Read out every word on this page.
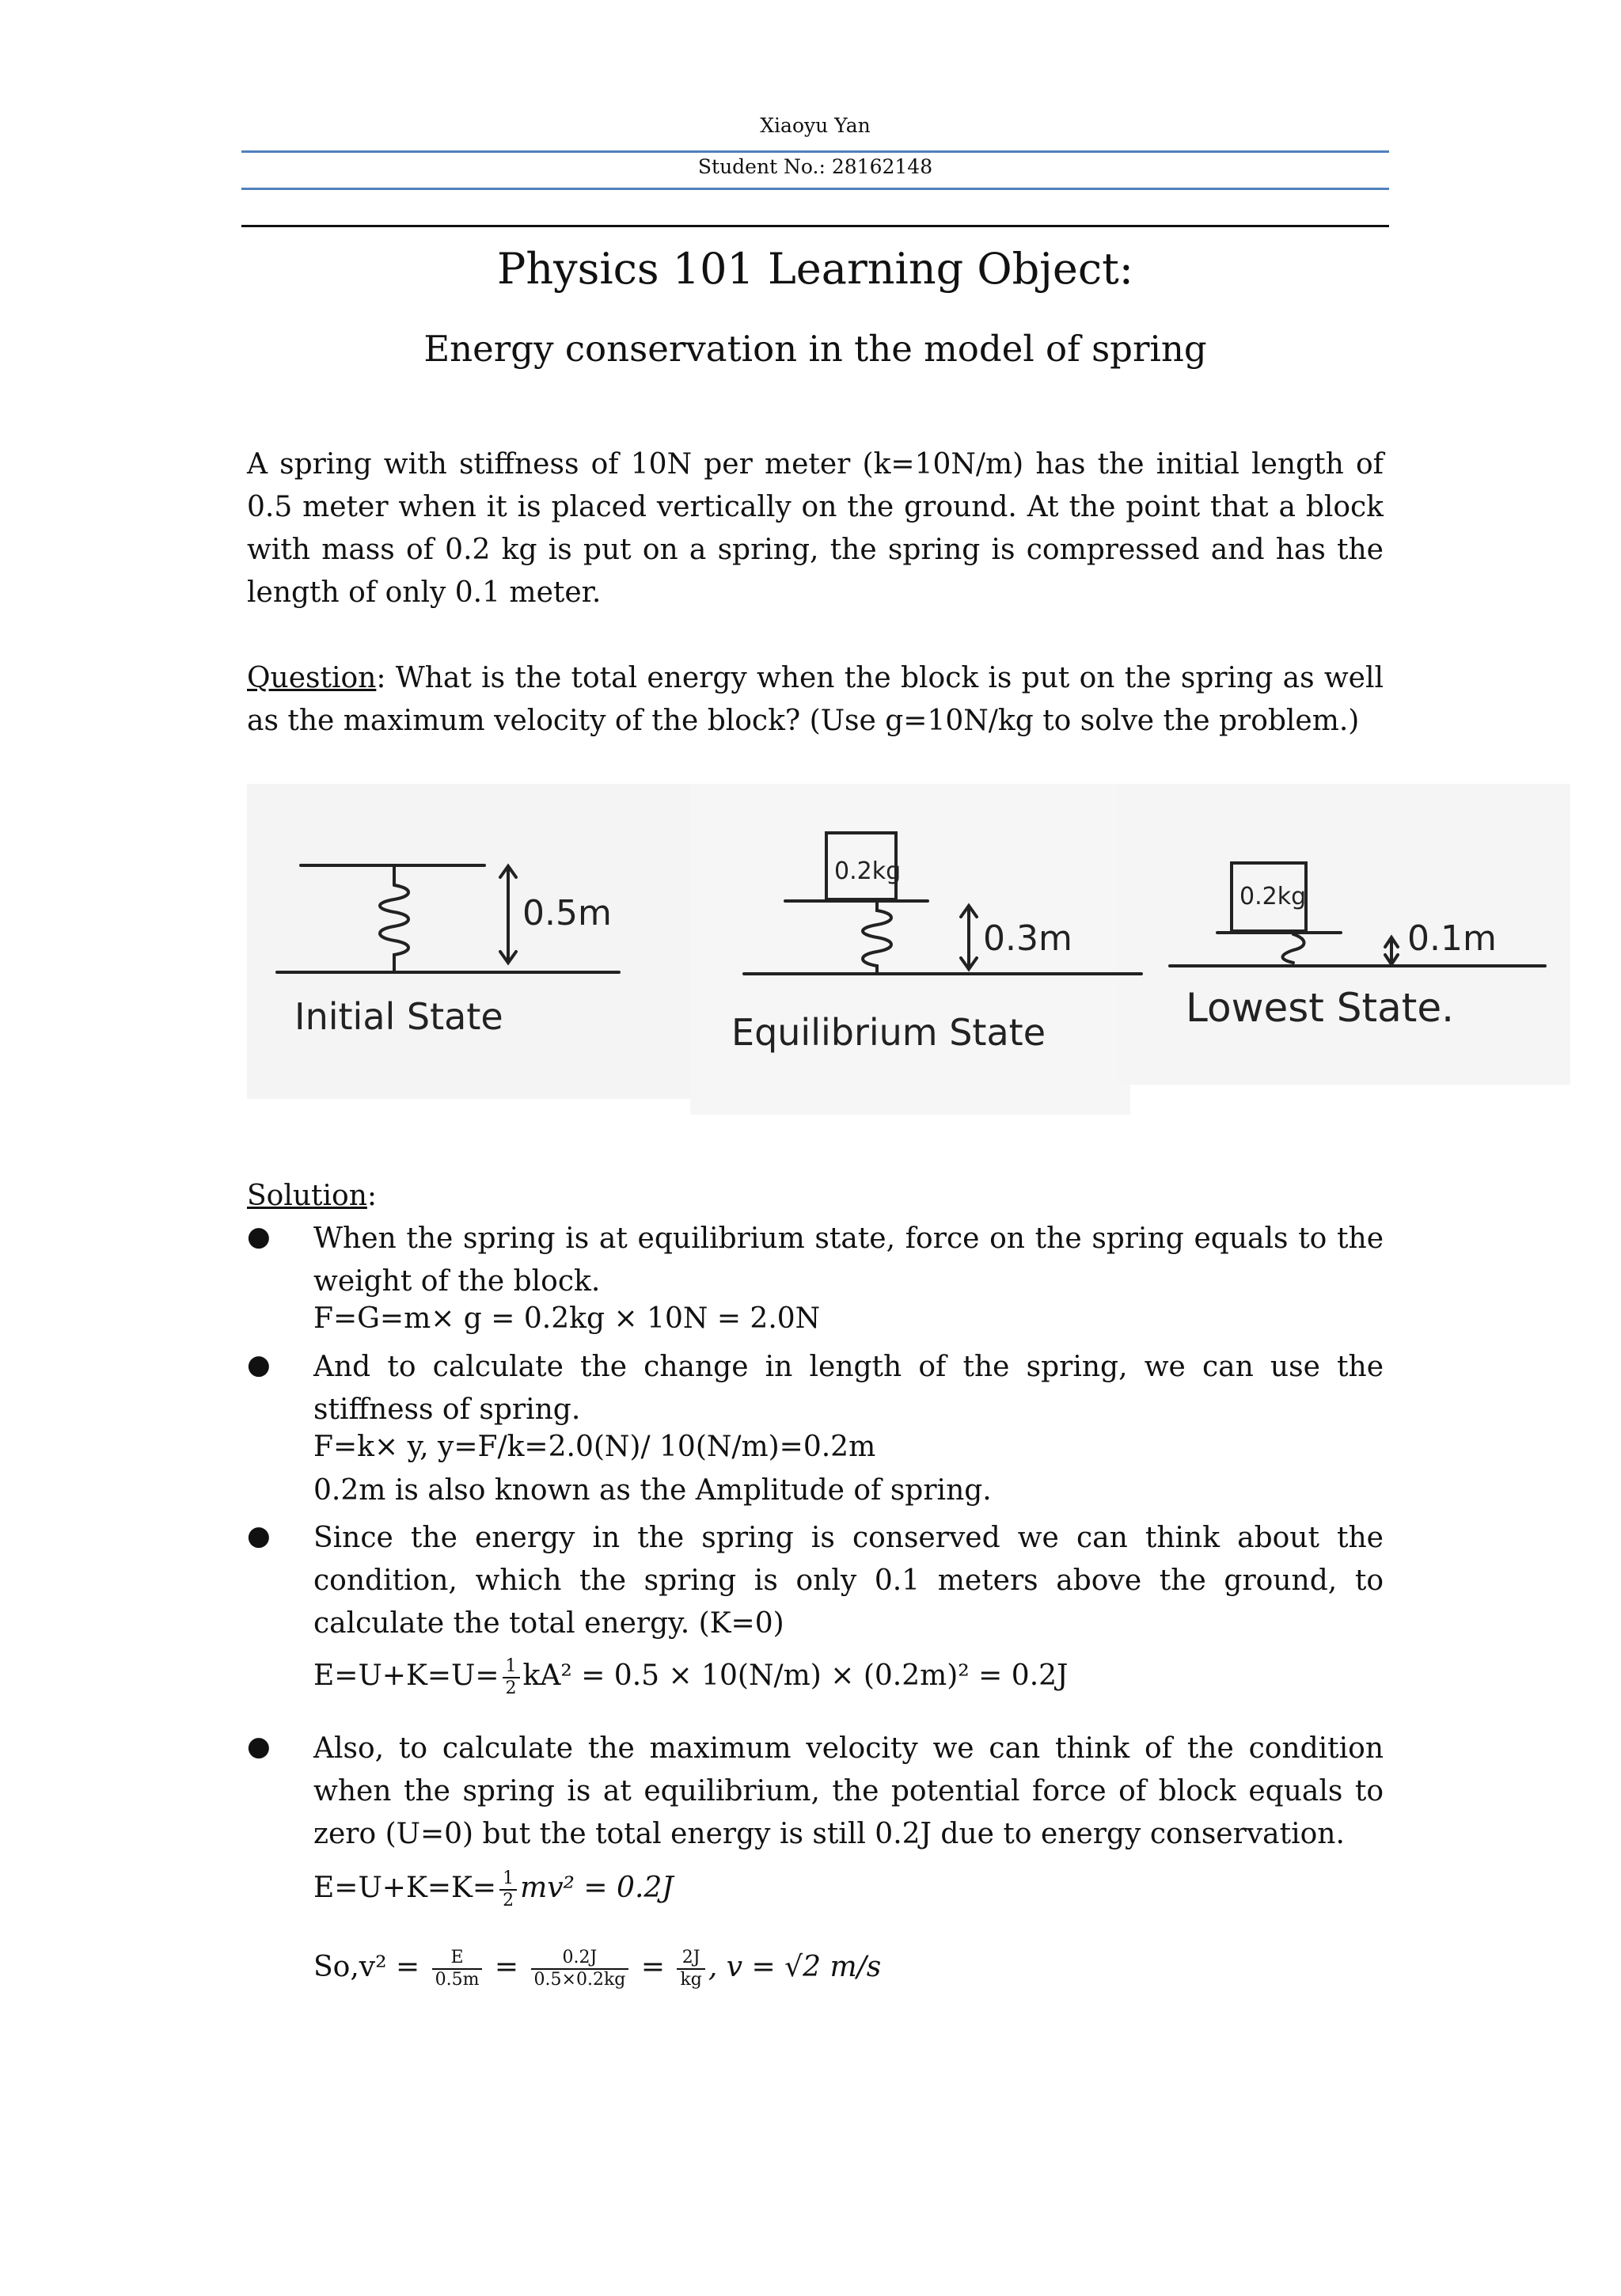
Xiaoyu Yan
Student No.: 28162148
Physics 101 Learning Object:
Energy conservation in the model of spring
A spring with stiffness of 10N per meter (k=10N/m) has the initial length of 0.5 meter when it is placed vertically on the ground. At the point that a block with mass of 0.2 kg is put on a spring, the spring is compressed and has the length of only 0.1 meter.
Question: What is the total energy when the block is put on the spring as well as the maximum velocity of the block? (Use g=10N/kg to solve the problem.)
Initial State
0.5m
Equilibrium State
0.2kg
0.3m
Lowest State.
0.2kg
0.1m
Solution:
● When the spring is at equilibrium state, force on the spring equals to the weight of the block.
F=G=m× g = 0.2kg × 10N = 2.0N
● And to calculate the change in length of the spring, we can use the stiffness of spring.
F=k× y, y=F/k=2.0(N)/ 10(N/m)=0.2m
0.2m is also known as the Amplitude of spring.
● Since the energy in the spring is conserved we can think about the condition, which the spring is only 0.1 meters above the ground, to calculate the total energy. (K=0)
$E=U+K=U= \frac{1}{2} kA^2 = 0.5 \times 10(N/m) \times (0.2m)^2 = 0.2J$
● Also, to calculate the maximum velocity we can think of the condition when the spring is at equilibrium, the potential force of block equals to zero (U=0) but the total energy is still 0.2J due to energy conservation.
$E=U+K=K= \frac{1}{2} mv^2 = 0.2J$
$So,v^2 = \frac{E}{0.5m} = \frac{0.2J}{0.5\times 0.2kg} = \frac{2J}{kg}$ , v = √2 m/s
